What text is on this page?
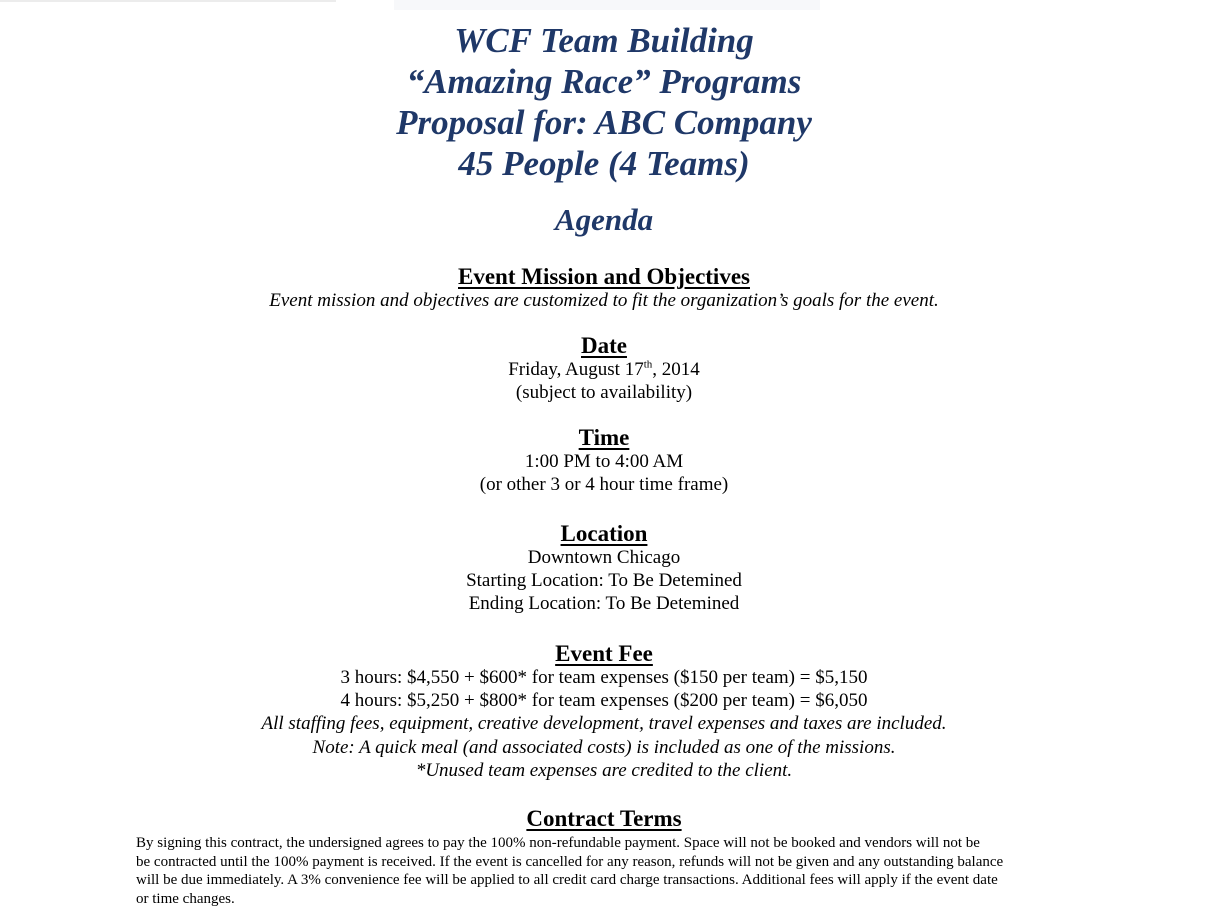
WCF Team Building
“Amazing Race” Programs
Proposal for: ABC Company
45 People (4 Teams)
Agenda
Event Mission and Objectives
Event mission and objectives are customized to fit the organization’s goals for the event.
Date
Friday, August 17th, 2014
(subject to availability)
Time
1:00 PM to 4:00 AM
(or other 3 or 4 hour time frame)
Location
Downtown Chicago
Starting Location: To Be Detemined
Ending Location: To Be Detemined
Event Fee
3 hours: $4,550 + $600* for team expenses ($150 per team) = $5,150
4 hours: $5,250 + $800* for team expenses ($200 per team) = $6,050
All staffing fees, equipment, creative development, travel expenses and taxes are included.
Note: A quick meal (and associated costs) is included as one of the missions.
*Unused team expenses are credited to the client.
Contract Terms
By signing this contract, the undersigned agrees to pay the 100% non-refundable payment. Space will not be booked and vendors will not be
be contracted until the 100% payment is received. If the event is cancelled for any reason, refunds will not be given and any outstanding balance
will be due immediately. A 3% convenience fee will be applied to all credit card charge transactions. Additional fees will apply if the event date
or time changes.
